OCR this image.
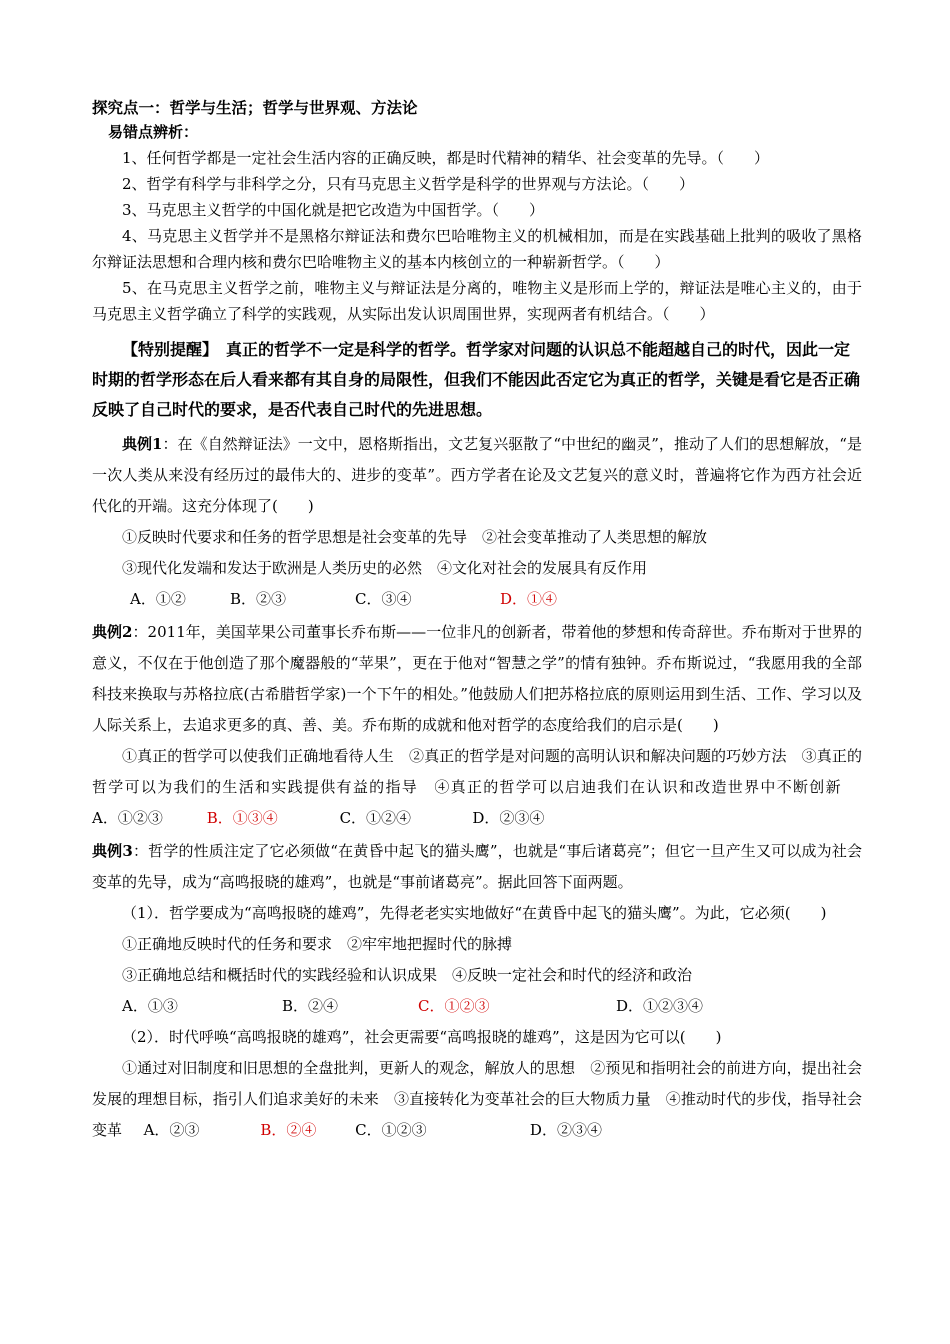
探究点一：哲学与生活；哲学与世界观、方法论
易错点辨析：
1、任何哲学都是一定社会生活内容的正确反映，都是时代精神的精华、社会变革的先导。（　　）
2、哲学有科学与非科学之分，只有马克思主义哲学是科学的世界观与方法论。（　　）
3、马克思主义哲学的中国化就是把它改造为中国哲学。（　　）
4、马克思主义哲学并不是黑格尔辩证法和费尔巴哈唯物主义的机械相加，而是在实践基础上批判的吸收了黑格尔辩证法思想和合理内核和费尔巴哈唯物主义的基本内核创立的一种崭新哲学。（　　）
5、在马克思主义哲学之前，唯物主义与辩证法是分离的，唯物主义是形而上学的，辩证法是唯心主义的，由于马克思主义哲学确立了科学的实践观，从实际出发认识周围世界，实现两者有机结合。（　　）
【特别提醒】　真正的哲学不一定是科学的哲学。哲学家对问题的认识总不能超越自己的时代，因此一定时期的哲学形态在后人看来都有其自身的局限性，但我们不能因此否定它为真正的哲学，关键是看它是否正确反映了自己时代的要求，是否代表自己时代的先进思想。
典例1：在《自然辩证法》一文中，恩格斯指出，文艺复兴驱散了“中世纪的幽灵”，推动了人们的思想解放，“是一次人类从来没有经历过的最伟大的、进步的变革”。西方学者在论及文艺复兴的意义时，普遍将它作为西方社会近代化的开端。这充分体现了(　　)
①反映时代要求和任务的哲学思想是社会变革的先导　②社会变革推动了人类思想的解放
③现代化发端和发达于欧洲是人类历史的必然　④文化对社会的发展具有反作用
A．①②	B．②③	C．③④	D．①④
典例2：2011年，美国苹果公司董事长乔布斯——一位非凡的创新者，带着他的梦想和传奇辞世。乔布斯对于世界的意义，不仅在于他创造了那个魔器般的“苹果”，更在于他对“智慧之学”的情有独钟。乔布斯说过，“我愿用我的全部科技来换取与苏格拉底(古希腊哲学家)一个下午的相处。”他鼓励人们把苏格拉底的原则运用到生活、工作、学习以及人际关系上，去追求更多的真、善、美。乔布斯的成就和他对哲学的态度给我们的启示是(　　)
①真正的哲学可以使我们正确地看待人生　②真正的哲学是对问题的高明认识和解决问题的巧妙方法　③真正的哲学可以为我们的生活和实践提供有益的指导　④真正的哲学可以启迪我们在认识和改造世界中不断创新  A．①②③	B．①③④	C．①②④	D．②③④
典例3：哲学的性质注定了它必须做“在黄昏中起飞的猫头鹰”，也就是“事后诸葛亮”；但它一旦产生又可以成为社会变革的先导，成为“高鸣报晓的雄鸡”，也就是“事前诸葛亮”。据此回答下面两题。
（1）．哲学要成为“高鸣报晓的雄鸡”，先得老老实实地做好“在黄昏中起飞的猫头鹰”。为此，它必须(　　)
①正确地反映时代的任务和要求　②牢牢地把握时代的脉搏
③正确地总结和概括时代的实践经验和认识成果　④反映一定社会和时代的经济和政治
A．①③	B．②④	C．①②③	D．①②③④
（2）．时代呼唤“高鸣报晓的雄鸡”，社会更需要“高鸣报晓的雄鸡”，这是因为它可以(　　)
①通过对旧制度和旧思想的全盘批判，更新人的观念，解放人的思想　②预见和指明社会的前进方向，提出社会发展的理想目标，指引人们追求美好的未来　③直接转化为变革社会的巨大物质力量　④推动时代的步伐，指导社会变革 A．②③	B．②④	C．①②③	D．②③④
